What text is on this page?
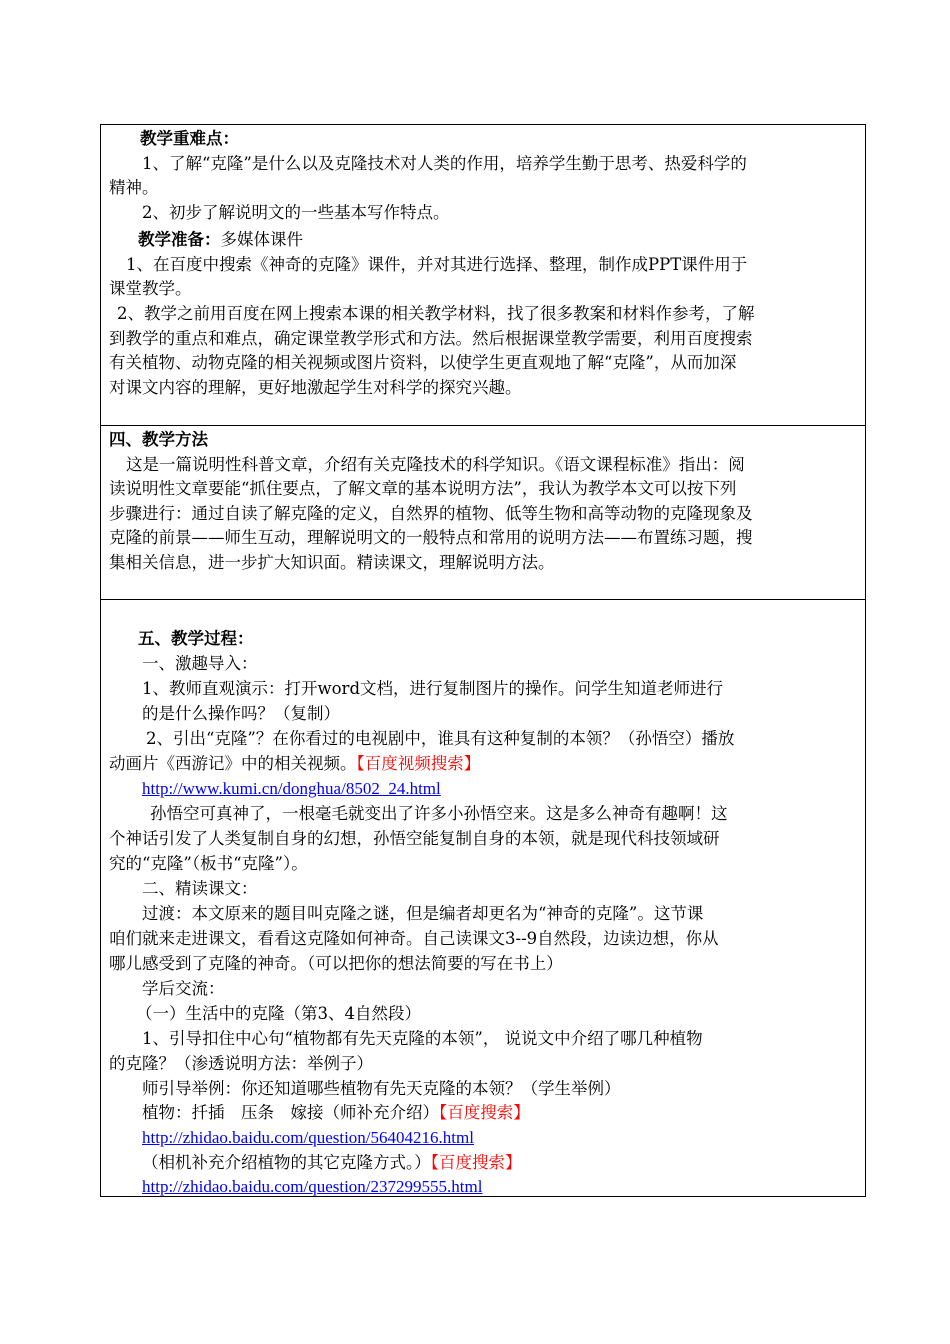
教学重难点：
1、了解“克隆”是什么以及克隆技术对人类的作用，培养学生勤于思考、热爱科学的
精神。
2、初步了解说明文的一些基本写作特点。
教学准备：多媒体课件
1、在百度中搜索《神奇的克隆》课件，并对其进行选择、整理，制作成PPT课件用于
课堂教学。
2、教学之前用百度在网上搜索本课的相关教学材料，找了很多教案和材料作参考，了解
到教学的重点和难点，确定课堂教学形式和方法。然后根据课堂教学需要，利用百度搜索
有关植物、动物克隆的相关视频或图片资料，以使学生更直观地了解“克隆”，从而加深
对课文内容的理解，更好地激起学生对科学的探究兴趣。
四、教学方法
这是一篇说明性科普文章，介绍有关克隆技术的科学知识。《语文课程标准》指出：阅
读说明性文章要能“抓住要点，了解文章的基本说明方法”，我认为教学本文可以按下列
步骤进行：通过自读了解克隆的定义，自然界的植物、低等生物和高等动物的克隆现象及
克隆的前景——师生互动，理解说明文的一般特点和常用的说明方法——布置练习题，搜
集相关信息，进一步扩大知识面。精读课文，理解说明方法。
五、教学过程：
一、激趣导入：
1、教师直观演示：打开word文档，进行复制图片的操作。问学生知道老师进行
的是什么操作吗？（复制）
2、引出“克隆”？在你看过的电视剧中，谁具有这种复制的本领？（孙悟空）播放
动画片《西游记》中的相关视频。【百度视频搜索】
http://www.kumi.cn/donghua/8502_24.html
孙悟空可真神了，一根毫毛就变出了许多小孙悟空来。这是多么神奇有趣啊！这
个神话引发了人类复制自身的幻想，孙悟空能复制自身的本领，就是现代科技领域研
究的“克隆”（板书“克隆”）。
二、精读课文：
过渡：本文原来的题目叫克隆之谜，但是编者却更名为“神奇的克隆”。这节课
咱们就来走进课文，看看这克隆如何神奇。自己读课文3--9自然段，边读边想，你从
哪儿感受到了克隆的神奇。（可以把你的想法简要的写在书上）
学后交流：
（一）生活中的克隆（第3、4自然段）
1、引导扣住中心句“植物都有先天克隆的本领”， 说说文中介绍了哪几种植物
的克隆？（渗透说明方法：举例子）
师引导举例：你还知道哪些植物有先天克隆的本领？（学生举例）
植物：扦插　压条　嫁接（师补充介绍）【百度搜索】
http://zhidao.baidu.com/question/56404216.html
（相机补充介绍植物的其它克隆方式。）【百度搜索】
http://zhidao.baidu.com/question/237299555.html
